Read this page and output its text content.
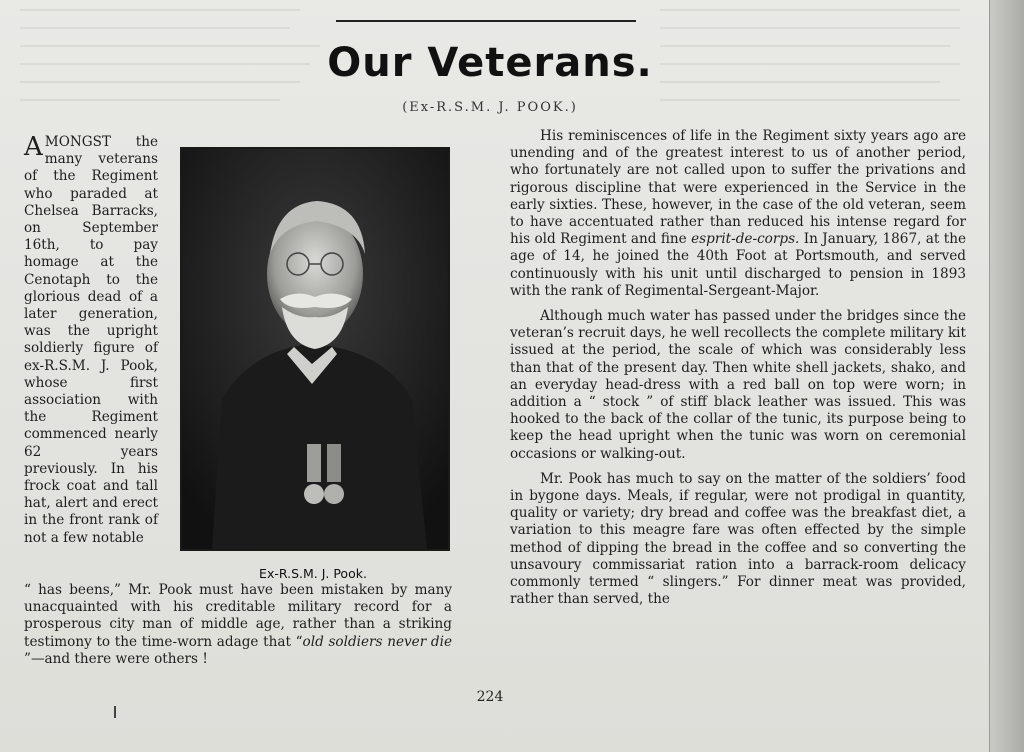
Our Veterans.
(Ex-R.S.M. J. POOK.)
AMONGST the many veterans of the Regiment who paraded at Chelsea Barracks, on September 16th, to pay homage at the Cenotaph to the glorious dead of a later generation, was the upright soldierly figure of ex-R.S.M. J. Pook, whose first association with the Regiment commenced nearly 62 years previously. In his frock coat and tall hat, alert and erect in the front rank of not a few notable
Ex-R.S.M. J. Pook.
“ has beens,” Mr. Pook must have been mistaken by many unacquainted with his creditable military record for a prosperous city man of middle age, rather than a striking testimony to the time-worn adage that “old soldiers never die ”—and there were others !

His reminiscences of life in the Regiment sixty years ago are unending and of the greatest interest to us of another period, who fortunately are not called upon to suffer the privations and rigorous discipline that were experienced in the Service in the early sixties. These, however, in the case of the old veteran, seem to have accentuated rather than reduced his intense regard for his old Regiment and fine esprit-de-corps. In January, 1867, at the age of 14, he joined the 40th Foot at Portsmouth, and served continuously with his unit until discharged to pension in 1893 with the rank of Regimental-Sergeant-Major.

Although much water has passed under the bridges since the veteran’s recruit days, he well recollects the complete military kit issued at the period, the scale of which was considerably less than that of the present day. Then white shell jackets, shako, and an everyday head-dress with a red ball on top were worn; in addition a “ stock ” of stiff black leather was issued. This was hooked to the back of the collar of the tunic, its purpose being to keep the head upright when the tunic was worn on ceremonial occasions or walking-out.

Mr. Pook has much to say on the matter of the soldiers’ food in bygone days. Meals, if regular, were not prodigal in quantity, quality or variety; dry bread and coffee was the breakfast diet, a variation to this meagre fare was often effected by the simple method of dipping the bread in the coffee and so converting the unsavoury commissariat ration into a barrack-room delicacy commonly termed “ slingers.” For dinner meat was provided, rather than served, the

224
